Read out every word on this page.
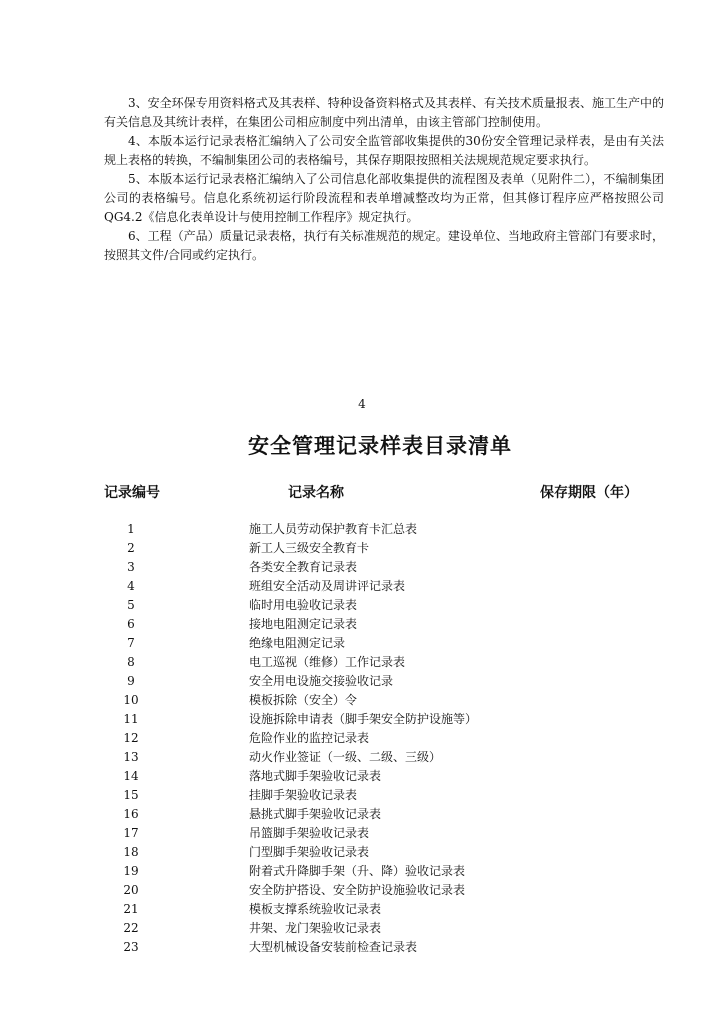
3、安全环保专用资料格式及其表样、特种设备资料格式及其表样、有关技术质量报表、施工生产中的有关信息及其统计表样，在集团公司相应制度中列出清单，由该主管部门控制使用。

4、本版本运行记录表格汇编纳入了公司安全监管部收集提供的30份安全管理记录样表，是由有关法规上表格的转换，不编制集团公司的表格编号，其保存期限按照相关法规规范规定要求执行。

5、本版本运行记录表格汇编纳入了公司信息化部收集提供的流程图及表单（见附件二），不编制集团公司的表格编号。信息化系统初运行阶段流程和表单增减整改均为正常，但其修订程序应严格按照公司QG4.2《信息化表单设计与使用控制工作程序》规定执行。

6、工程（产品）质量记录表格，执行有关标准规范的规定。建设单位、当地政府主管部门有要求时，按照其文件/合同或约定执行。

4
安全管理记录样表目录清单
记录编号	记录名称	保存期限（年）
1	施工人员劳动保护教育卡汇总表
2	新工人三级安全教育卡
3	各类安全教育记录表
4	班组安全活动及周讲评记录表
5	临时用电验收记录表
6	接地电阻测定记录表
7	绝缘电阻测定记录
8	电工巡视（维修）工作记录表
9	安全用电设施交接验收记录
10	模板拆除（安全）令
11	设施拆除申请表（脚手架安全防护设施等）
12	危险作业的监控记录表
13	动火作业签证（一级、二级、三级）
14	落地式脚手架验收记录表
15	挂脚手架验收记录表
16	悬挑式脚手架验收记录表
17	吊篮脚手架验收记录表
18	门型脚手架验收记录表
19	附着式升降脚手架（升、降）验收记录表
20	安全防护搭设、安全防护设施验收记录表
21	模板支撑系统验收记录表
22	井架、龙门架验收记录表
23	大型机械设备安装前检查记录表
